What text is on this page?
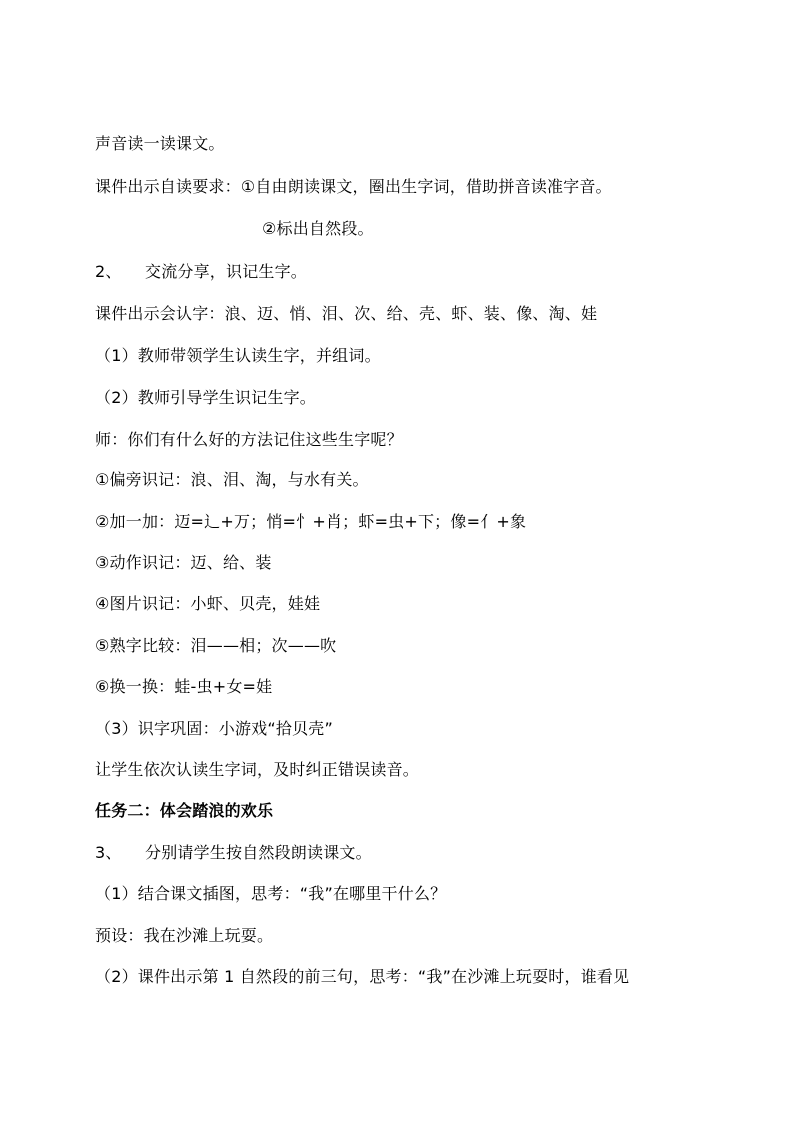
声音读一读课文。
课件出示自读要求：①自由朗读课文，圈出生字词，借助拼音读准字音。
②标出自然段。
2、 交流分享，识记生字。
课件出示会认字：浪、迈、悄、泪、次、给、壳、虾、装、像、淘、娃
（1）教师带领学生认读生字，并组词。
（2）教师引导学生识记生字。
师：你们有什么好的方法记住这些生字呢？
①偏旁识记：浪、泪、淘，与水有关。
②加一加：迈=辶+万；悄=忄+肖；虾=虫+下；像=亻+象
③动作识记：迈、给、装
④图片识记：小虾、贝壳，娃娃
⑤熟字比较：泪——相；次——吹
⑥换一换：蛙-虫+女=娃
（3）识字巩固：小游戏“拾贝壳”
让学生依次认读生字词，及时纠正错误读音。
任务二：体会踏浪的欢乐
3、 分别请学生按自然段朗读课文。
（1）结合课文插图，思考：“我”在哪里干什么？
预设：我在沙滩上玩耍。
（2）课件出示第 1 自然段的前三句，思考：“我”在沙滩上玩耍时，谁看见
